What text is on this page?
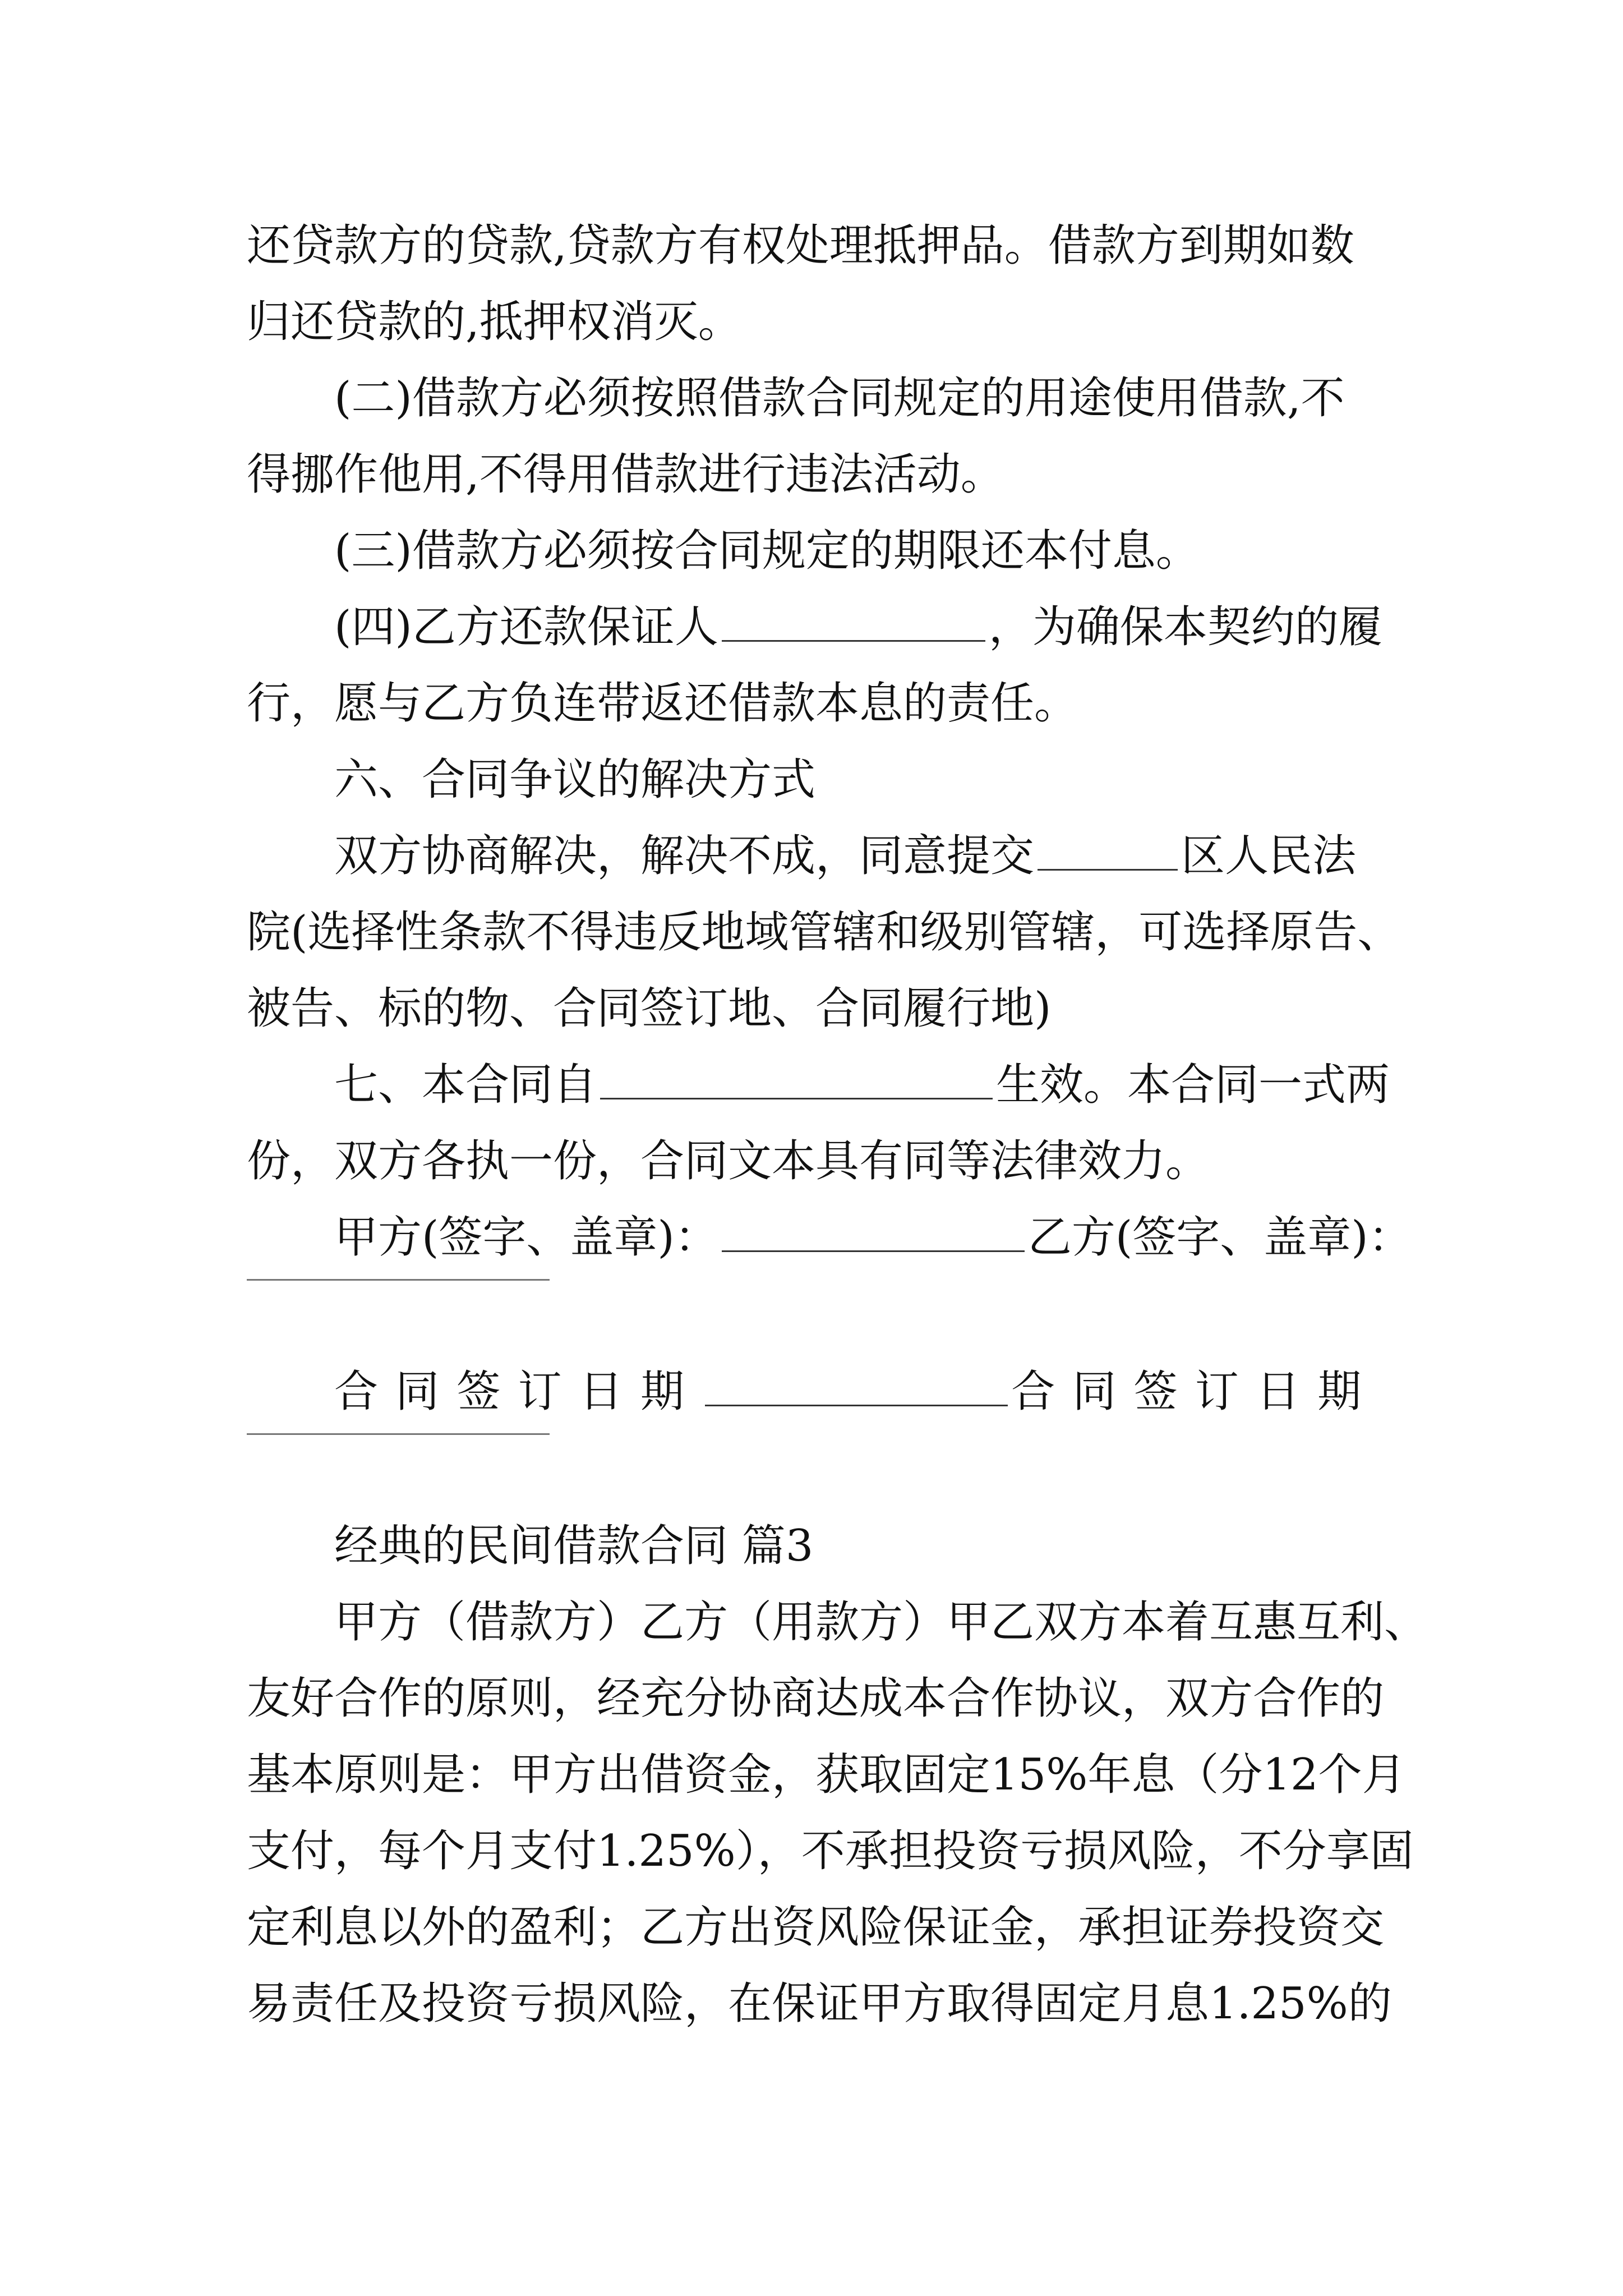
还贷款方的贷款,贷款方有权处理抵押品。借款方到期如数
归还贷款的,抵押权消灭。
(二)借款方必须按照借款合同规定的用途使用借款,不
得挪作他用,不得用借款进行违法活动。
(三)借款方必须按合同规定的期限还本付息。
(四)乙方还款保证人	，为确保本契约的履
行，愿与乙方负连带返还借款本息的责任。
六、合同争议的解决方式
双方协商解决，解决不成，同意提交	区人民法
院(选择性条款不得违反地域管辖和级别管辖，可选择原告、
被告、标的物、合同签订地、合同履行地)
七、本合同自	生效。本合同一式两
份，双方各执一份，合同文本具有同等法律效力。
甲方(签字、盖章)：	乙方(签字、盖章)：
合同签订日期	合同签订日期
经典的民间借款合同 篇3
甲方（借款方）乙方（用款方）甲乙双方本着互惠互利、
友好合作的原则，经充分协商达成本合作协议，双方合作的
基本原则是：甲方出借资金，获取固定15%年息（分12个月
支付，每个月支付1.25%），不承担投资亏损风险，不分享固
定利息以外的盈利；乙方出资风险保证金，承担证券投资交
易责任及投资亏损风险，在保证甲方取得固定月息1.25%的
